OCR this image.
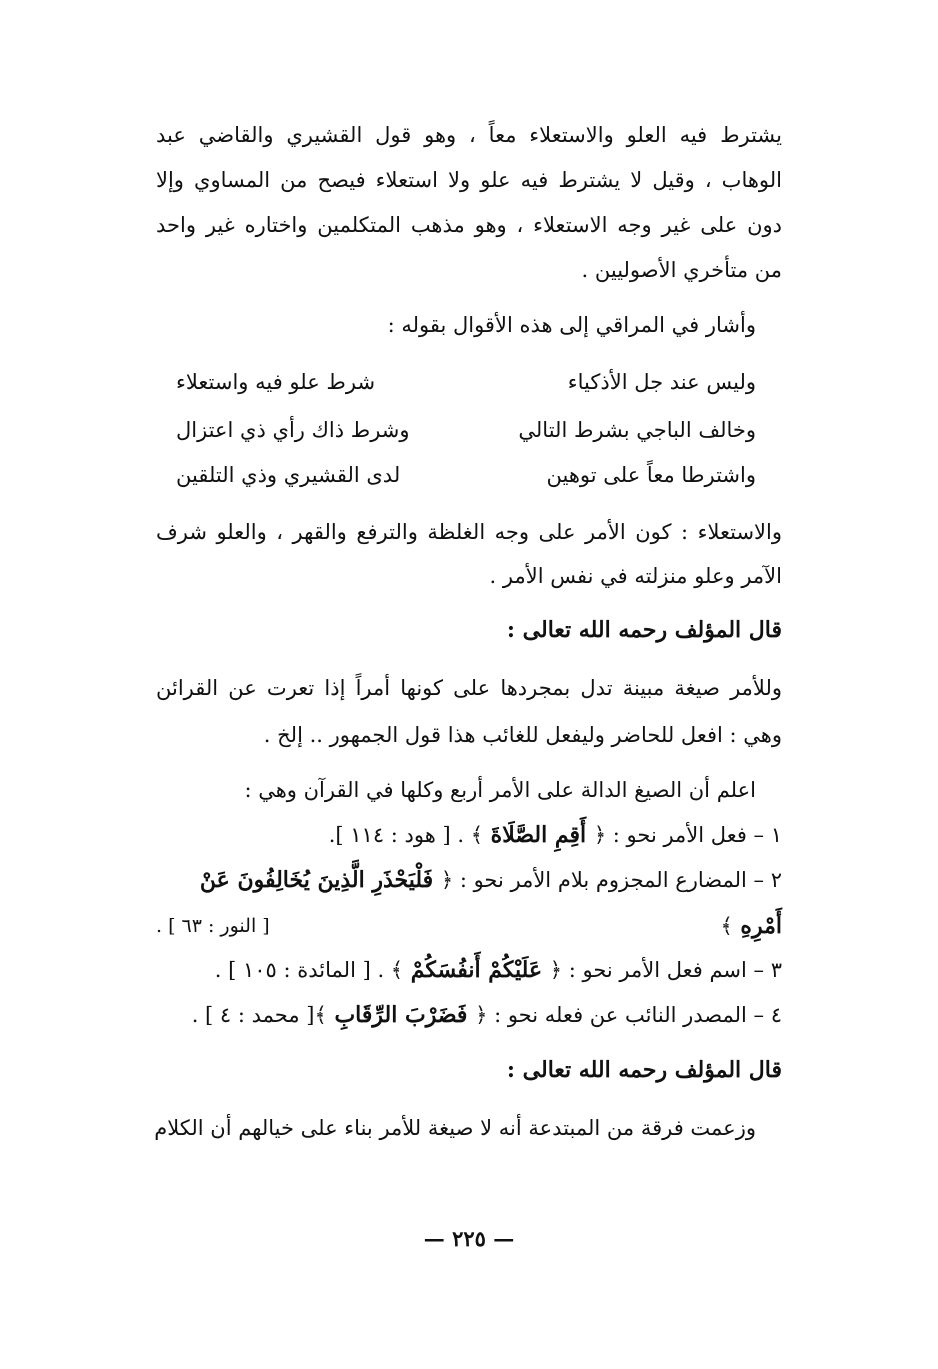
يشترط فيه العلو والاستعلاء معاً ، وهو قول القشيري والقاضي عبد
الوهاب ، وقيل لا يشترط فيه علو ولا استعلاء فيصح من المساوي وإلا
دون على غير وجه الاستعلاء ، وهو مذهب المتكلمين واختاره غير واحد
من متأخري الأصوليين .
وأشار في المراقي إلى هذه الأقوال بقوله :
وليس عند جل الأذكياء
شرط علو فيه واستعلاء
وخالف الباجي بشرط التالي
وشرط ذاك رأي ذي اعتزال
واشترطا معاً على توهين
لدى القشيري وذي التلقين
والاستعلاء : كون الأمر على وجه الغلظة والترفع والقهر ، والعلو شرف
الآمر وعلو منزلته في نفس الأمر .
قال المؤلف رحمه الله تعالى :
وللأمر صيغة مبينة تدل بمجردها على كونها أمراً إذا تعرت عن القرائن
وهي : افعل للحاضر وليفعل للغائب هذا قول الجمهور .. إلخ .
اعلم أن الصيغ الدالة على الأمر أربع وكلها في القرآن وهي :
١ – فعل الأمر نحو : ﴿ أَقِمِ الصَّلَاةَ ﴾ . [ هود : ١١٤ ].
٢ – المضارع المجزوم بلام الأمر نحو : ﴿ فَلْيَحْذَرِ الَّذِينَ يُخَالِفُونَ عَنْ
أَمْرِهِ ﴾
[ النور : ٦٣ ] .
٣ – اسم فعل الأمر نحو : ﴿ عَلَيْكُمْ أَنفُسَكُمْ ﴾ . [ المائدة : ١٠٥ ] .
٤ – المصدر النائب عن فعله نحو : ﴿ فَضَرْبَ الرِّقَابِ ﴾[ محمد : ٤ ] .
قال المؤلف رحمه الله تعالى :
وزعمت فرقة من المبتدعة أنه لا صيغة للأمر بناء على خيالهم أن الكلام
— ٢٢٥ —
